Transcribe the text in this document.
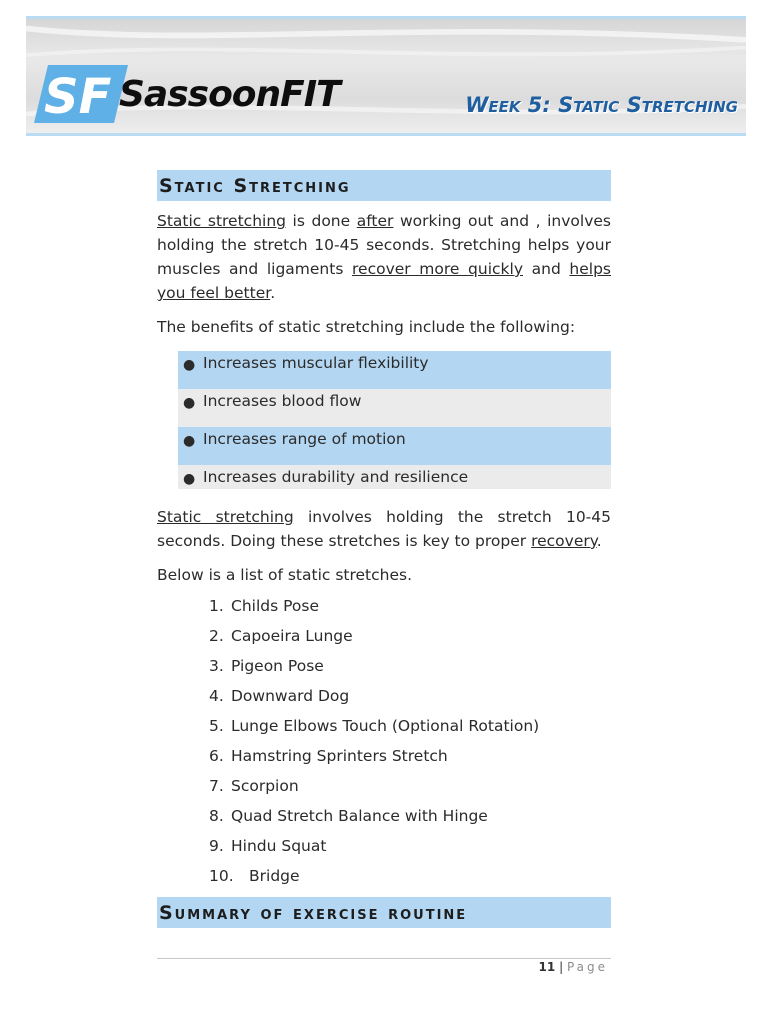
SF SassoonFIT	Week 5: Static Stretching
Static Stretching

Static stretching is done after working out and , involves holding the stretch 10-45 seconds. Stretching helps your muscles and ligaments recover more quickly and helps you feel better.

The benefits of static stretching include the following:

● Increases muscular flexibility
● Increases blood flow
● Increases range of motion
● Increases durability and resilience

Static stretching involves holding the stretch 10-45 seconds. Doing these stretches is key to proper recovery.

Below is a list of static stretches.

1. Childs Pose
2. Capoeira Lunge
3. Pigeon Pose
4. Downward Dog
5. Lunge Elbows Touch (Optional Rotation)
6. Hamstring Sprinters Stretch
7. Scorpion
8. Quad Stretch Balance with Hinge
9. Hindu Squat
10. Bridge
Summary of exercise routine
11 | Page
